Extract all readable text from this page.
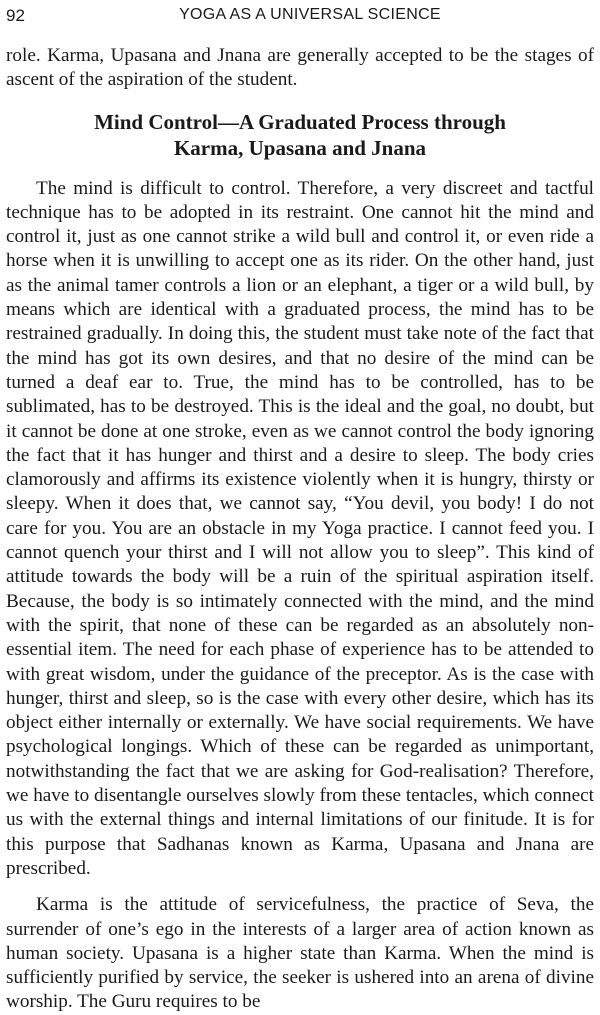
92	YOGA AS A UNIVERSAL SCIENCE

role. Karma, Upasana and Jnana are generally accepted to be the stages of ascent of the aspiration of the student.

Mind Control—A Graduated Process through
Karma, Upasana and Jnana

The mind is difficult to control. Therefore, a very discreet and tactful technique has to be adopted in its restraint. One cannot hit the mind and control it, just as one cannot strike a wild bull and control it, or even ride a horse when it is unwilling to accept one as its rider. On the other hand, just as the animal tamer controls a lion or an elephant, a tiger or a wild bull, by means which are identical with a graduated process, the mind has to be restrained gradually. In doing this, the student must take note of the fact that the mind has got its own desires, and that no desire of the mind can be turned a deaf ear to. True, the mind has to be controlled, has to be sublimated, has to be destroyed. This is the ideal and the goal, no doubt, but it cannot be done at one stroke, even as we cannot control the body ignoring the fact that it has hunger and thirst and a desire to sleep. The body cries clamorously and affirms its existence violently when it is hungry, thirsty or sleepy. When it does that, we cannot say, “You devil, you body! I do not care for you. You are an obstacle in my Yoga practice. I cannot feed you. I cannot quench your thirst and I will not allow you to sleep”. This kind of attitude towards the body will be a ruin of the spiritual aspiration itself. Because, the body is so intimately connected with the mind, and the mind with the spirit, that none of these can be regarded as an absolutely non-essential item. The need for each phase of experience has to be attended to with great wisdom, under the guidance of the preceptor. As is the case with hunger, thirst and sleep, so is the case with every other desire, which has its object either internally or externally. We have social requirements. We have psychological longings. Which of these can be regarded as unimportant, notwithstanding the fact that we are asking for God-realisation? Therefore, we have to disentangle ourselves slowly from these tentacles, which connect us with the external things and internal limitations of our finitude. It is for this purpose that Sadhanas known as Karma, Upasana and Jnana are prescribed.

Karma is the attitude of servicefulness, the practice of Seva, the surrender of one’s ego in the interests of a larger area of action known as human society. Upasana is a higher state than Karma. When the mind is sufficiently purified by service, the seeker is ushered into an arena of divine worship. The Guru requires to be
